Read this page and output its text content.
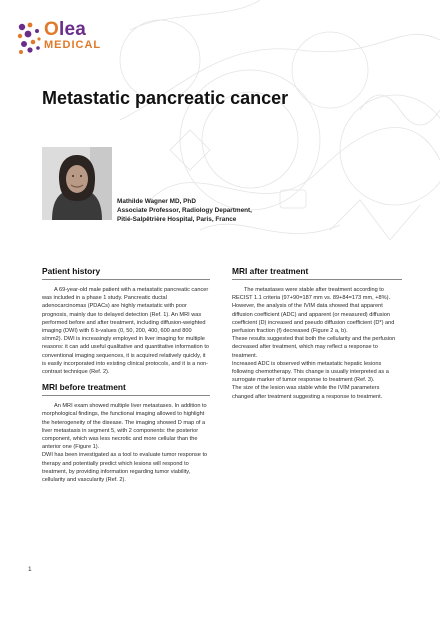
Olea
MEDICAL
Metastatic pancreatic cancer
Mathilde Wagner MD, PhD
Associate Professor, Radiology Department,
Pitié-Salpêtrière Hospital, Paris, France
Patient history

A 69-year-old male patient with a metastatic pancreatic cancer was included in a phase 1 study. Pancreatic ductal adenocarcinomas (PDACs) are highly metastatic with poor prognosis, mainly due to delayed detection (Ref. 1). An MRI was performed before and after treatment, including diffusion-weighted imaging (DWI) with 6 b-values (0, 50, 200, 400, 600 and 800 s/mm2). DWI is increasingly employed in liver imaging for multiple reasons: it can add useful qualitative and quantitative information to conventional imaging sequences, it is acquired relatively quickly, it is easily incorporated into existing clinical protocols, and it is a non-contrast technique (Ref. 2).

MRI before treatment

An MRI exam showed multiple liver metastases. In addition to morphological findings, the functional imaging allowed to highlight the heterogeneity of the disease. The imaging showed D map of a liver metastasis in segment 5, with 2 components: the posterior component, which was less necrotic and more cellular than the anterior one (Figure 1).

DWI has been investigated as a tool to evaluate tumor response to therapy and potentially predict which lesions will respond to treatment, by providing information regarding tumor viability, cellularity and vascularity (Ref. 2).

MRI after treatment

The metastases were stable after treatment according to RECIST 1.1 criteria (97+90=187 mm vs. 89+84=173 mm, +8%). However, the analysis of the IVIM data showed that apparent diffusion coefficient (ADC) and apparent (or measured) diffusion coefficient (D) increased and pseudo diffusion coefficient (D*) and perfusion fraction (f) decreased (Figure 2 a, b).

These results suggested that both the cellularity and the perfusion decreased after treatment, which may reflect a response to treatment.

Increased ADC is observed within metastatic hepatic lesions following chemotherapy. This change is usually interpreted as a surrogate marker of tumor response to treatment (Ref. 3).

The size of the lesion was stable while the IVIM parameters changed after treatment suggesting a response to treatment.

1
